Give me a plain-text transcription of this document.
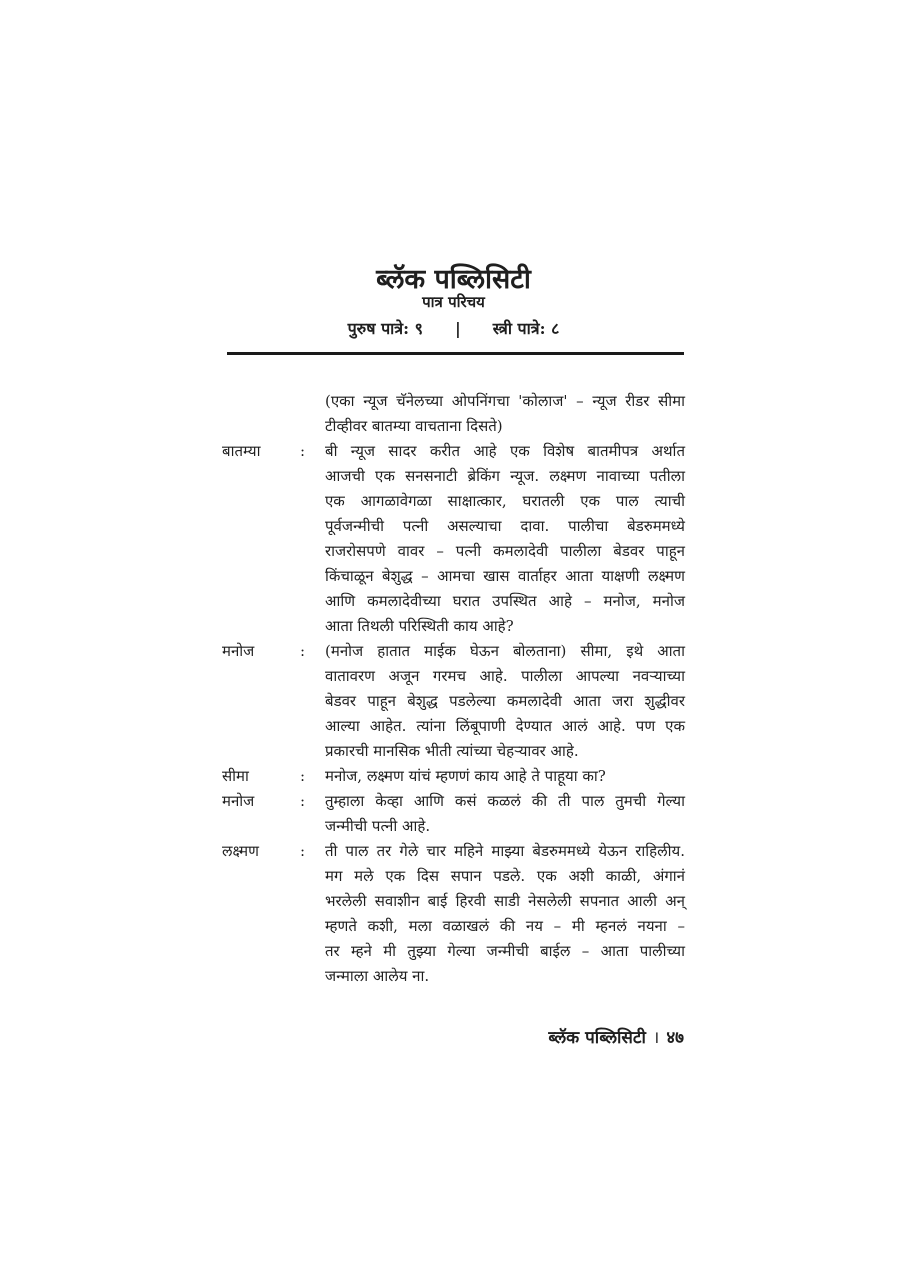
ब्लॅक पब्लिसिटी
पात्र परिचय
पुरुष पात्रे: ९ | स्त्री पात्रे: ८
(एका न्यूज चॅनेलच्या ओपनिंगचा 'कोलाज' – न्यूज रीडर सीमा
टीव्हीवर बातम्या वाचताना दिसते)
बातम्या	:	बी न्यूज सादर करीत आहे एक विशेष बातमीपत्र अर्थात
आजची एक सनसनाटी ब्रेकिंग न्यूज. लक्ष्मण नावाच्या पतीला
एक आगळावेगळा साक्षात्कार, घरातली एक पाल त्याची
पूर्वजन्मीची पत्नी असल्याचा दावा. पालीचा बेडरुममध्ये
राजरोसपणे वावर – पत्नी कमलादेवी पालीला बेडवर पाहून
किंचाळून बेशुद्ध – आमचा खास वार्ताहर आता याक्षणी लक्ष्मण
आणि कमलादेवीच्या घरात उपस्थित आहे – मनोज, मनोज
आता तिथली परिस्थिती काय आहे?
मनोज	:	(मनोज हातात माईक घेऊन बोलताना) सीमा, इथे आता
वातावरण अजून गरमच आहे. पालीला आपल्या नवऱ्याच्या
बेडवर पाहून बेशुद्ध पडलेल्या कमलादेवी आता जरा शुद्धीवर
आल्या आहेत. त्यांना लिंबूपाणी देण्यात आलं आहे. पण एक
प्रकारची मानसिक भीती त्यांच्या चेहऱ्यावर आहे.
सीमा	:	मनोज, लक्ष्मण यांचं म्हणणं काय आहे ते पाहूया का?
मनोज	:	तुम्हाला केव्हा आणि कसं कळलं की ती पाल तुमची गेल्या
जन्मीची पत्नी आहे.
लक्ष्मण	:	ती पाल तर गेले चार महिने माझ्या बेडरुममध्ये येऊन राहिलीय.
मग मले एक दिस सपान पडले. एक अशी काळी, अंगानं
भरलेली सवाशीन बाई हिरवी साडी नेसलेली सपनात आली अन्
म्हणते कशी, मला वळाखलं की नय – मी म्हनलं नयना –
तर म्हने मी तुझ्या गेल्या जन्मीची बाईल – आता पालीच्या
जन्माला आलेय ना.
ब्लॅक पब्लिसिटी । ४७
